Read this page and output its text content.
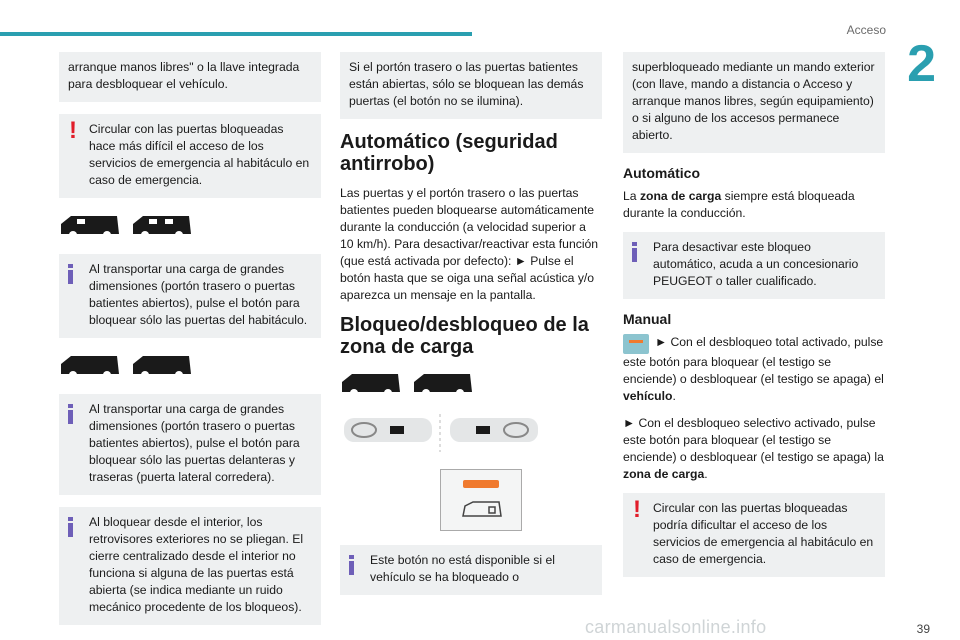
Acceso
2

arranque manos libres" o la llave integrada para desbloquear el vehículo.

! Circular con las puertas bloqueadas hace más difícil el acceso de los servicios de emergencia al habitáculo en caso de emergencia.

Al transportar una carga de grandes dimensiones (portón trasero o puertas batientes abiertos), pulse el botón para bloquear sólo las puertas del habitáculo.

Al transportar una carga de grandes dimensiones (portón trasero o puertas batientes abiertos), pulse el botón para bloquear sólo las puertas delanteras y traseras (puerta lateral corredera).

Al bloquear desde el interior, los retrovisores exteriores no se pliegan. El cierre centralizado desde el interior no funciona si alguna de las puertas está abierta (se indica mediante un ruido mecánico procedente de los bloqueos).

Si el portón trasero o las puertas batientes están abiertas, sólo se bloquean las demás puertas (el botón no se ilumina).

Automático (seguridad antirrobo)

Las puertas y el portón trasero o las puertas batientes pueden bloquearse automáticamente durante la conducción (a velocidad superior a 10 km/h). Para desactivar/reactivar esta función (que está activada por defecto): ► Pulse el botón hasta que se oiga una señal acústica y/o aparezca un mensaje en la pantalla.

Bloqueo/desbloqueo de la zona de carga

Este botón no está disponible si el vehículo se ha bloqueado o

superbloqueado mediante un mando exterior (con llave, mando a distancia o Acceso y arranque manos libres, según equipamiento) o si alguno de los accesos permanece abierto.

Automático

La zona de carga siempre está bloqueada durante la conducción.

Para desactivar este bloqueo automático, acuda a un concesionario PEUGEOT o taller cualificado.

Manual

► Con el desbloqueo total activado, pulse este botón para bloquear (el testigo se enciende) o desbloquear (el testigo se apaga) el vehículo.

► Con el desbloqueo selectivo activado, pulse este botón para bloquear (el testigo se enciende) o desbloquear (el testigo se apaga) la zona de carga.

! Circular con las puertas bloqueadas podría dificultar el acceso de los servicios de emergencia al habitáculo en caso de emergencia.

carmanualsonline.info	39
